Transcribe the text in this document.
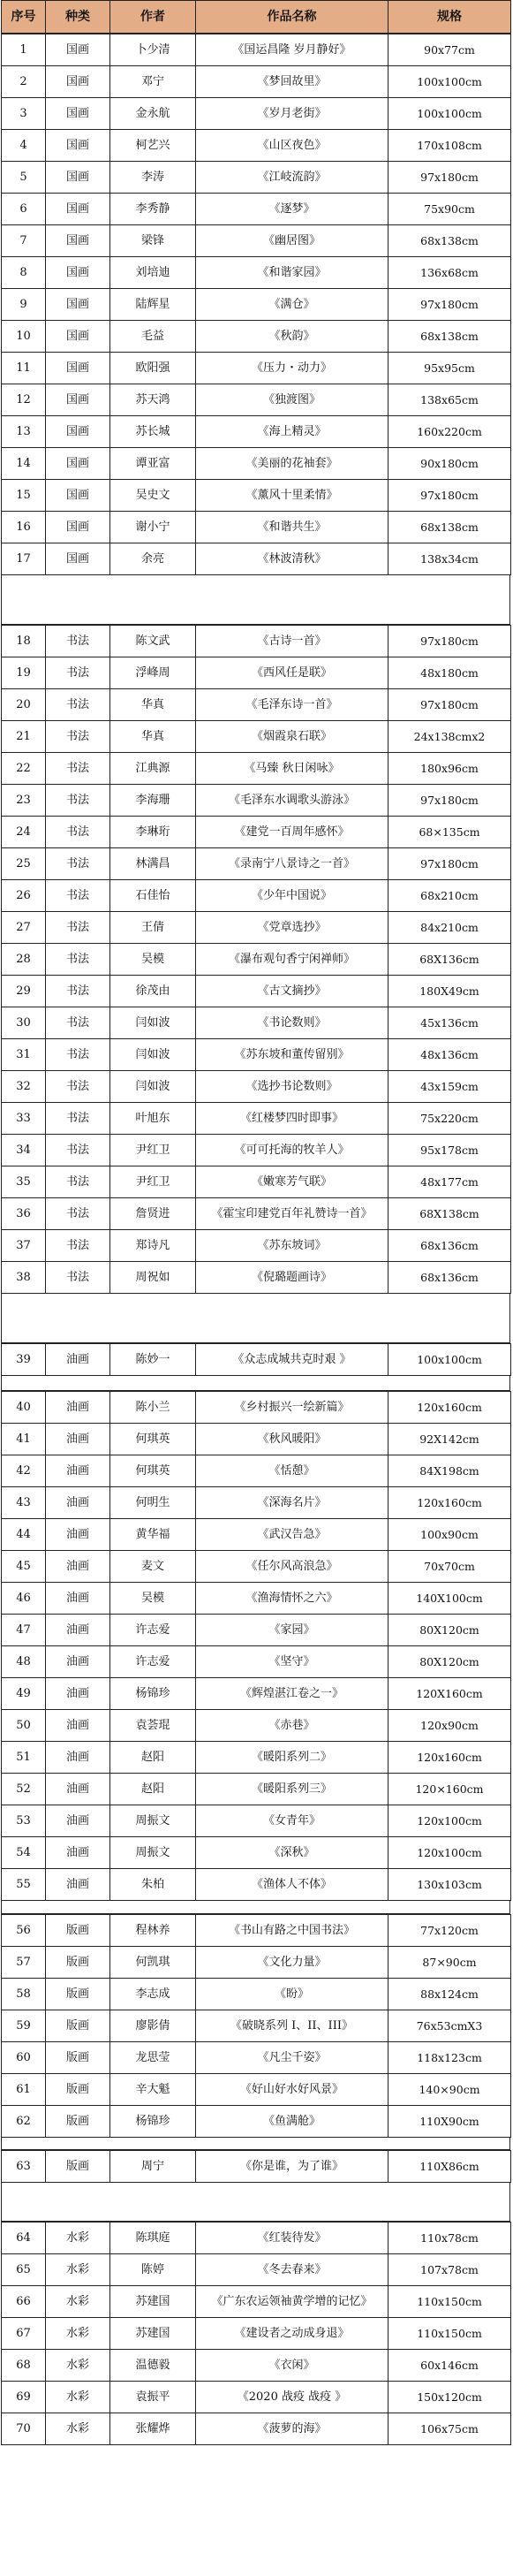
序号	种类	作者	作品名称	规格
1	国画	卜少清	《国运昌隆 岁月静好》	90x77cm
2	国画	邓宁	《梦回故里》	100x100cm
3	国画	金永航	《岁月老街》	100x100cm
4	国画	柯艺兴	《山区夜色》	170x108cm
5	国画	李涛	《江岐流韵》	97x180cm
6	国画	李秀静	《逐梦》	75x90cm
7	国画	梁锋	《幽居图》	68x138cm
8	国画	刘培迪	《和谐家园》	136x68cm
9	国画	陆辉星	《满仓》	97x180cm
10	国画	毛益	《秋韵》	68x138cm
11	国画	欧阳强	《压力・动力》	95x95cm
12	国画	苏天鸿	《独渡图》	138x65cm
13	国画	苏长城	《海上精灵》	160x220cm
14	国画	谭亚富	《美丽的花袖套》	90x180cm
15	国画	吴史文	《薰风十里柔情》	97x180cm
16	国画	谢小宁	《和谐共生》	68x138cm
17	国画	余亮	《林波清秋》	138x34cm
18	书法	陈文武	《古诗一首》	97x180cm
19	书法	浮峰周	《西风任是联》	48x180cm
20	书法	华真	《毛泽东诗一首》	97x180cm
21	书法	华真	《烟霞泉石联》	24x138cmx2
22	书法	江典源	《马臻 秋日闲咏》	180x96cm
23	书法	李海珊	《毛泽东水调歌头游泳》	97x180cm
24	书法	李琳珩	《建党一百周年感怀》	68×135cm
25	书法	林满昌	《录南宁八景诗之一首》	97x180cm
26	书法	石佳怡	《少年中国说》	68x210cm
27	书法	王倩	《党章选抄》	84x210cm
28	书法	吴模	《瀑布观句香宁闲禅师》	68X136cm
29	书法	徐茂由	《古文摘抄》	180X49cm
30	书法	闫如波	《书论数则》	45x136cm
31	书法	闫如波	《苏东坡和董传留别》	48x136cm
32	书法	闫如波	《选抄书论数则》	43x159cm
33	书法	叶旭东	《红楼梦四时即事》	75x220cm
34	书法	尹红卫	《可可托海的牧羊人》	95x178cm
35	书法	尹红卫	《嫩寒芳气联》	48x177cm
36	书法	詹贤进	《霍宝印建党百年礼赞诗一首》	68X138cm
37	书法	郑诗凡	《苏东坡词》	68x136cm
38	书法	周祝如	《倪璐题画诗》	68x136cm
39	油画	陈妙一	《众志成城共克时艰 》	100x100cm
40	油画	陈小兰	《乡村振兴一绘新篇》	120x160cm
41	油画	何琪英	《秋风暖阳》	92X142cm
42	油画	何琪英	《恬憩》	84X198cm
43	油画	何明生	《深海名片》	120x160cm
44	油画	黄华福	《武汉告急》	100x90cm
45	油画	麦文	《任尔风高浪急》	70x70cm
46	油画	吴模	《渔海情怀之六》	140X100cm
47	油画	许志爱	《家园》	80X120cm
48	油画	许志爱	《坚守》	80X120cm
49	油画	杨锦珍	《辉煌湛江卷之一》	120X160cm
50	油画	袁荟琨	《赤巷》	120x90cm
51	油画	赵阳	《暖阳系列二》	120x160cm
52	油画	赵阳	《暖阳系列三》	120×160cm
53	油画	周振文	《女青年》	120x100cm
54	油画	周振文	《深秋》	120x100cm
55	油画	朱柏	《渔体人不体》	130x103cm
56	版画	程林养	《书山有路之中国书法》	77x120cm
57	版画	何凯琪	《文化力量》	87×90cm
58	版画	李志成	《盼》	88x124cm
59	版画	廖影倩	《破晓系列 I、II、III》	76x53cmX3
60	版画	龙思莹	《凡尘千姿》	118x123cm
61	版画	辛大魁	《好山好水好风景》	140×90cm
62	版画	杨锦珍	《鱼满舱》	110X90cm
63	版画	周宁	《你是谁，为了谁》	110X86cm
64	水彩	陈琪庭	《红装待发》	110x78cm
65	水彩	陈婷	《冬去春来》	107x78cm
66	水彩	苏建国	《广东农运领袖黄学增的记忆》	110x150cm
67	水彩	苏建国	《建设者之动成身退》	110x150cm
68	水彩	温德毅	《衣闲》	60x146cm
69	水彩	袁振平	《2020 战疫 战疫 》	150x120cm
70	水彩	张耀烨	《菠萝的海》	106x75cm
